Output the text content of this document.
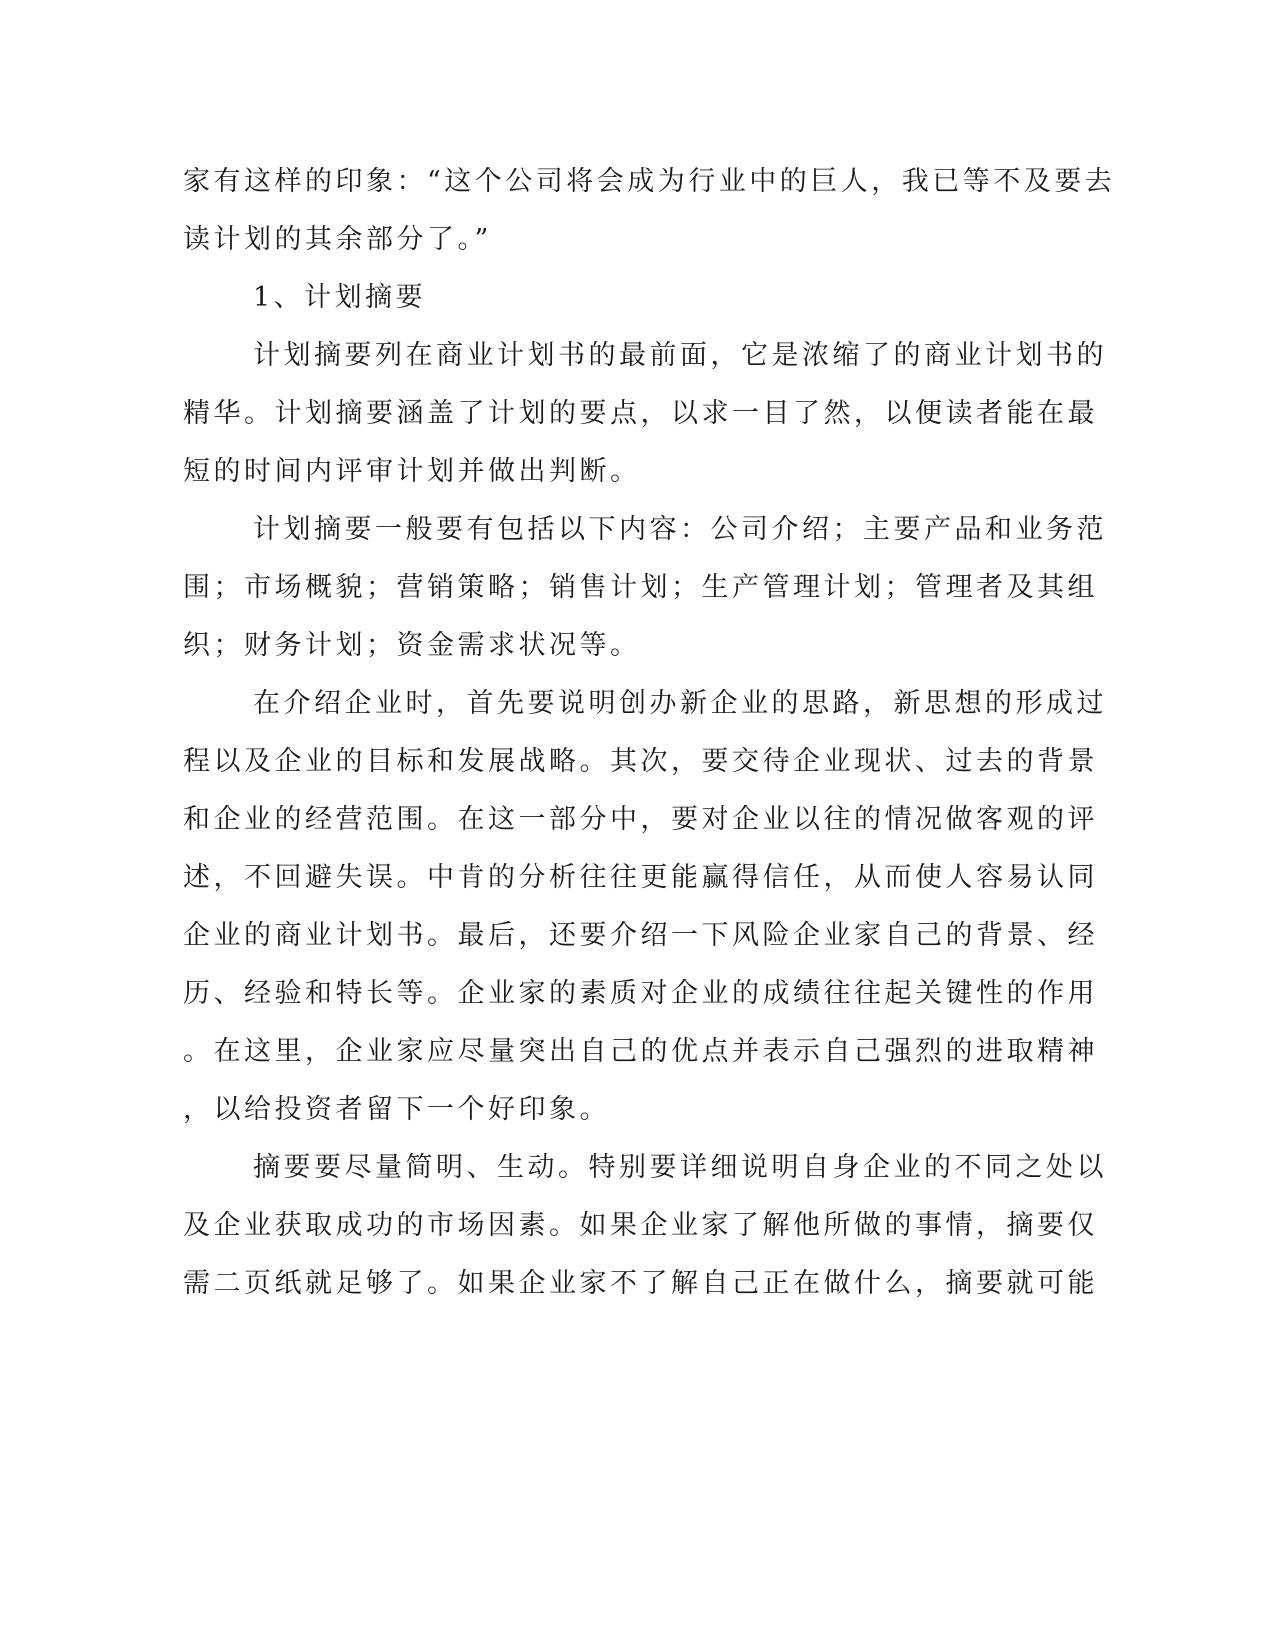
家有这样的印象：“这个公司将会成为行业中的巨人，我已等不及要去
读计划的其余部分了。”
1、计划摘要
计划摘要列在商业计划书的最前面，它是浓缩了的商业计划书的
精华。计划摘要涵盖了计划的要点，以求一目了然，以便读者能在最
短的时间内评审计划并做出判断。
计划摘要一般要有包括以下内容：公司介绍；主要产品和业务范
围；市场概貌；营销策略；销售计划；生产管理计划；管理者及其组
织；财务计划；资金需求状况等。
在介绍企业时，首先要说明创办新企业的思路，新思想的形成过
程以及企业的目标和发展战略。其次，要交待企业现状、过去的背景
和企业的经营范围。在这一部分中，要对企业以往的情况做客观的评
述，不回避失误。中肯的分析往往更能赢得信任，从而使人容易认同
企业的商业计划书。最后，还要介绍一下风险企业家自己的背景、经
历、经验和特长等。企业家的素质对企业的成绩往往起关键性的作用
。在这里，企业家应尽量突出自己的优点并表示自己强烈的进取精神
，以给投资者留下一个好印象。
摘要要尽量简明、生动。特别要详细说明自身企业的不同之处以
及企业获取成功的市场因素。如果企业家了解他所做的事情，摘要仅
需二页纸就足够了。如果企业家不了解自己正在做什么，摘要就可能
